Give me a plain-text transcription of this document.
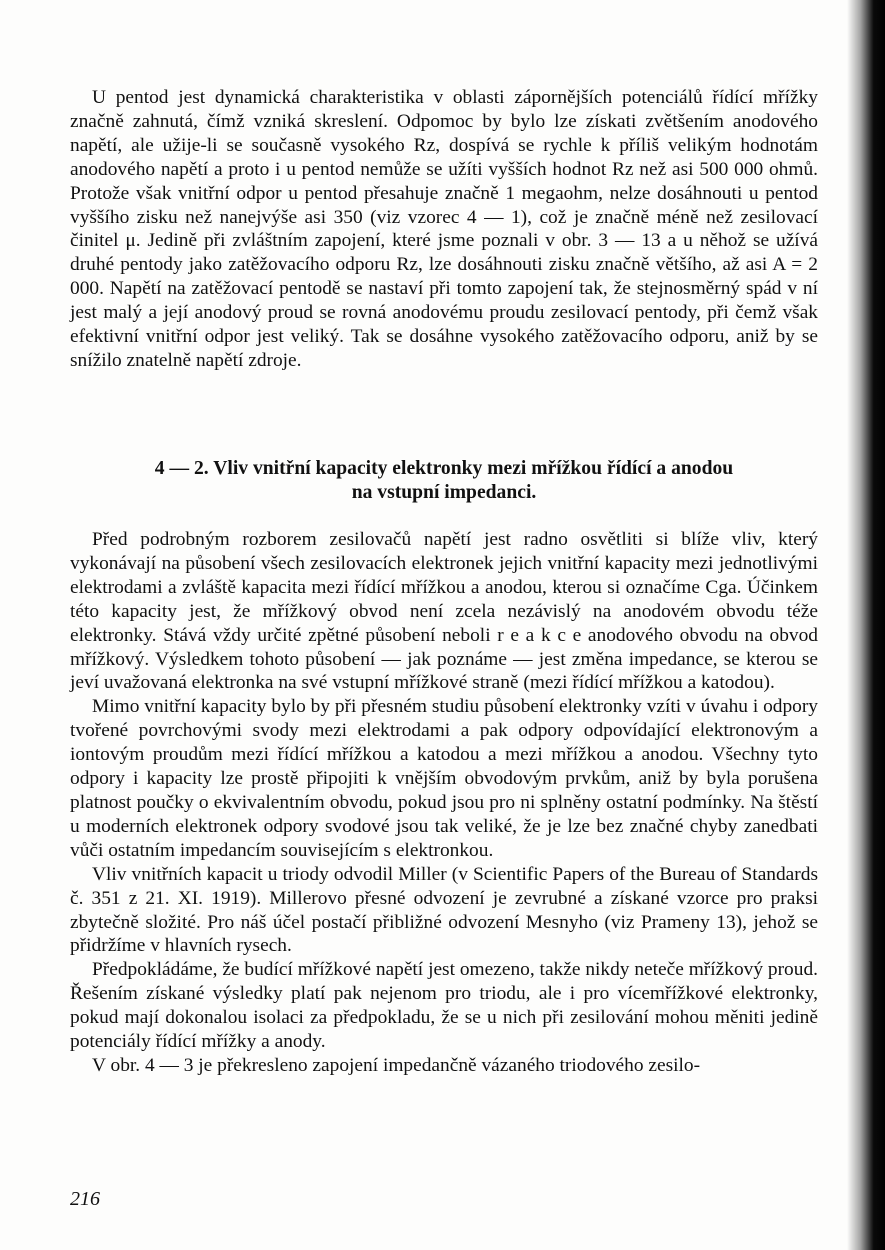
U pentod jest dynamická charakteristika v oblasti zápornějších potenciálů řídící mřížky značně zahnutá, čímž vzniká skreslení. Odpomoc by bylo lze získati zvětšením anodového napětí, ale užije-li se současně vysokého Rz, dospívá se rychle k příliš velikým hodnotám anodového napětí a proto i u pentod nemůže se užíti vyšších hodnot Rz než asi 500 000 ohmů. Protože však vnitřní odpor u pentod přesahuje značně 1 megaohm, nelze dosáhnouti u pentod vyššího zisku než nanejvýše asi 350 (viz vzorec 4 — 1), což je značně méně než zesilovací činitel μ. Jedině při zvláštním zapojení, které jsme poznali v obr. 3 — 13 a u něhož se užívá druhé pentody jako zatěžovacího odporu Rz, lze dosáhnouti zisku značně většího, až asi A = 2 000. Napětí na zatěžovací pentodě se nastaví při tomto zapojení tak, že stejnosměrný spád v ní jest malý a její anodový proud se rovná anodovému proudu zesilovací pentody, při čemž však efektivní vnitřní odpor jest veliký. Tak se dosáhne vysokého zatěžovacího odporu, aniž by se snížilo znatelně napětí zdroje.

4 — 2. Vliv vnitřní kapacity elektronky mezi mřížkou řídící a anodou
na vstupní impedanci.

Před podrobným rozborem zesilovačů napětí jest radno osvětliti si blíže vliv, který vykonávají na působení všech zesilovacích elektronek jejich vnitřní kapacity mezi jednotlivými elektrodami a zvláště kapacita mezi řídící mřížkou a anodou, kterou si označíme Cga. Účinkem této kapacity jest, že mřížkový obvod není zcela nezávislý na anodovém obvodu téže elektronky. Stává vždy určité zpětné působení neboli r e a k c e anodového obvodu na obvod mřížkový. Výsledkem tohoto působení — jak poznáme — jest změna impedance, se kterou se jeví uvažovaná elektronka na své vstupní mřížkové straně (mezi řídící mřížkou a katodou).

Mimo vnitřní kapacity bylo by při přesném studiu působení elektronky vzíti v úvahu i odpory tvořené povrchovými svody mezi elektrodami a pak odpory odpovídající elektronovým a iontovým proudům mezi řídící mřížkou a katodou a mezi mřížkou a anodou. Všechny tyto odpory i kapacity lze prostě připojiti k vnějším obvodovým prvkům, aniž by byla porušena platnost poučky o ekvivalentním obvodu, pokud jsou pro ni splněny ostatní podmínky. Na štěstí u moderních elektronek odpory svodové jsou tak veliké, že je lze bez značné chyby zanedbati vůči ostatním impedancím souvisejícím s elektronkou.

Vliv vnitřních kapacit u triody odvodil Miller (v Scientific Papers of the Bureau of Standards č. 351 z 21. XI. 1919). Millerovo přesné odvození je zevrubné a získané vzorce pro praksi zbytečně složité. Pro náš účel postačí přibližné odvození Mesnyho (viz Prameny 13), jehož se přidržíme v hlavních rysech.

Předpokládáme, že budící mřížkové napětí jest omezeno, takže nikdy neteče mřížkový proud. Řešením získané výsledky platí pak nejenom pro triodu, ale i pro vícemřížkové elektronky, pokud mají dokonalou isolaci za předpokladu, že se u nich při zesilování mohou měniti jedině potenciály řídící mřížky a anody.

V obr. 4 — 3 je překresleno zapojení impedančně vázaného triodového zesilo-

216
